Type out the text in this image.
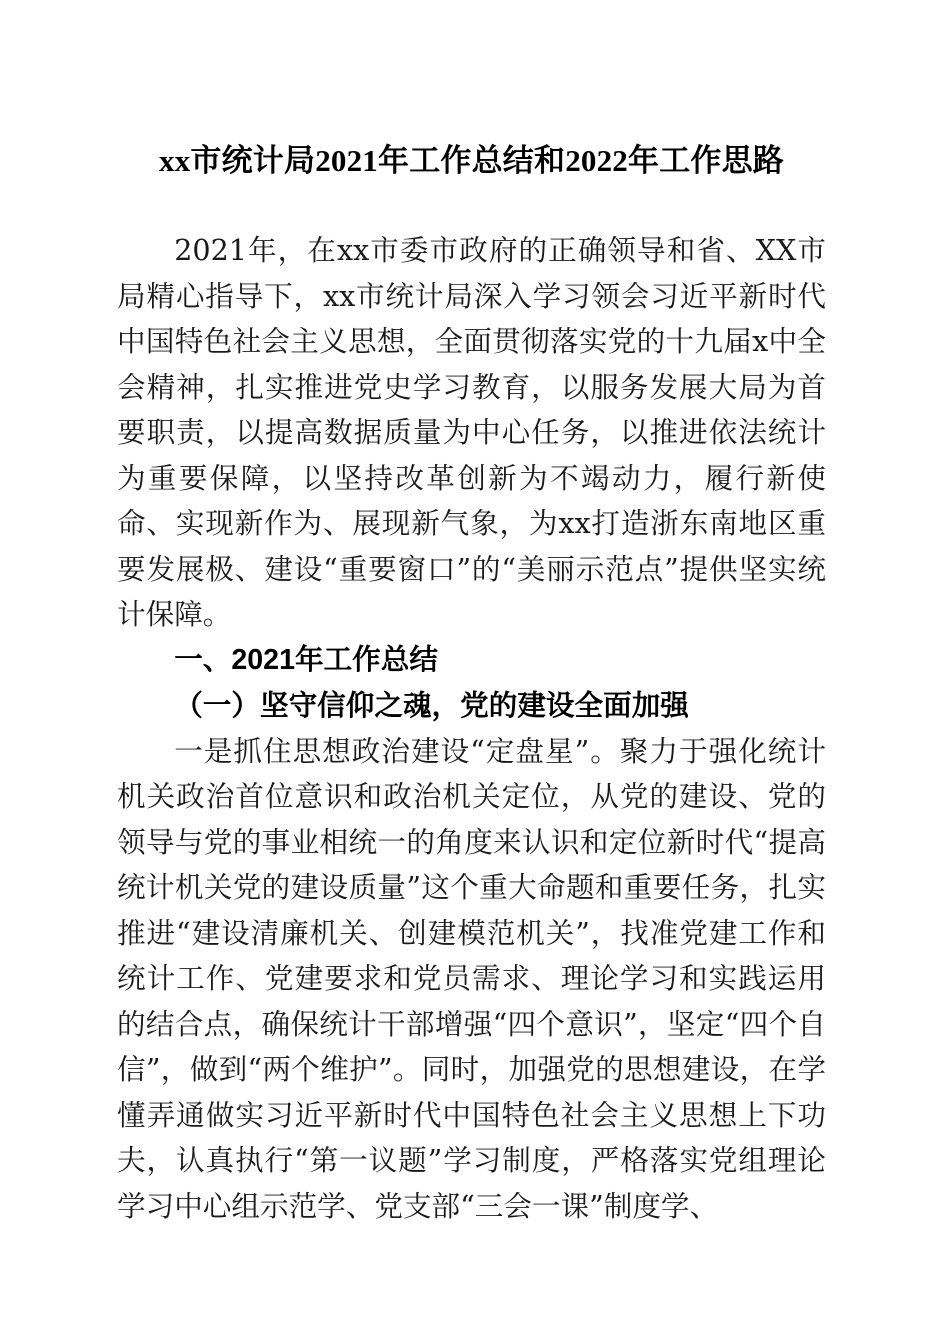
xx市统计局2021年工作总结和2022年工作思路

2021年，在xx市委市政府的正确领导和省、XX市局精心指导下，xx市统计局深入学习领会习近平新时代中国特色社会主义思想，全面贯彻落实党的十九届x中全会精神，扎实推进党史学习教育，以服务发展大局为首要职责，以提高数据质量为中心任务，以推进依法统计为重要保障，以坚持改革创新为不竭动力，履行新使命、实现新作为、展现新气象，为xx打造浙东南地区重要发展极、建设“重要窗口”的“美丽示范点”提供坚实统计保障。

一、2021年工作总结

（一）坚守信仰之魂，党的建设全面加强

一是抓住思想政治建设“定盘星”。聚力于强化统计机关政治首位意识和政治机关定位，从党的建设、党的领导与党的事业相统一的角度来认识和定位新时代“提高统计机关党的建设质量”这个重大命题和重要任务，扎实推进“建设清廉机关、创建模范机关”，找准党建工作和统计工作、党建要求和党员需求、理论学习和实践运用的结合点，确保统计干部增强“四个意识”，坚定“四个自信”，做到“两个维护”。同时，加强党的思想建设，在学懂弄通做实习近平新时代中国特色社会主义思想上下功夫，认真执行“第一议题”学习制度，严格落实党组理论学习中心组示范学、党支部“三会一课”制度学、
